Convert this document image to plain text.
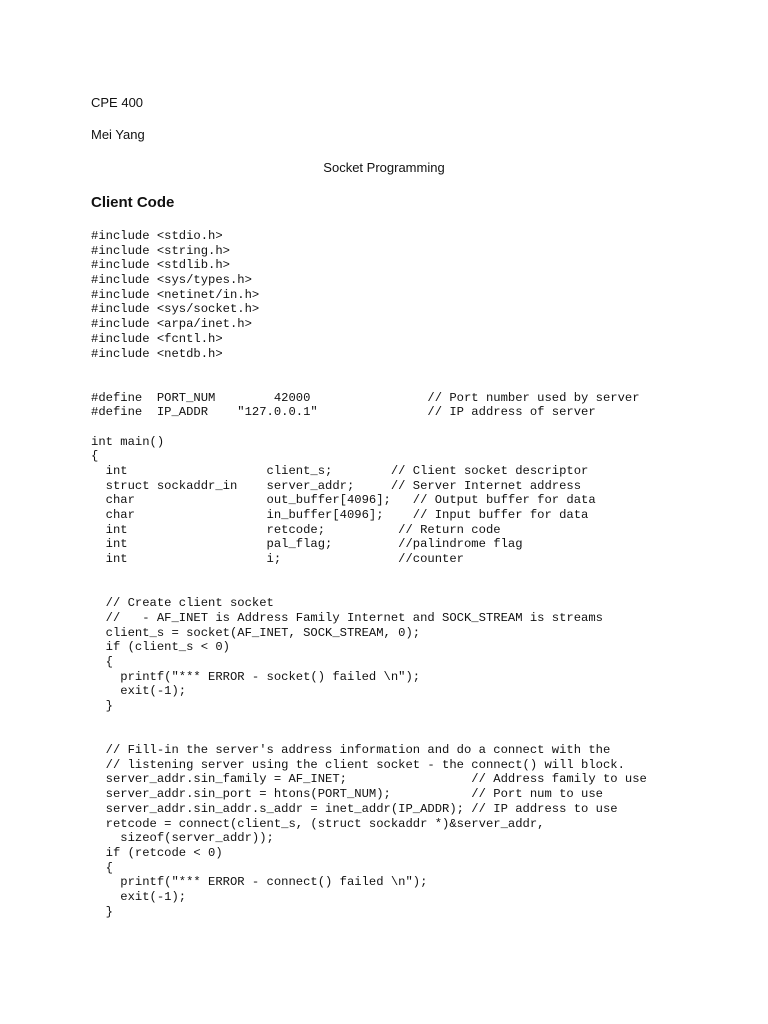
CPE 400
Mei Yang
Socket Programming
Client Code
#include <stdio.h>
#include <string.h>
#include <stdlib.h>
#include <sys/types.h>
#include <netinet/in.h>
#include <sys/socket.h>
#include <arpa/inet.h>
#include <fcntl.h>
#include <netdb.h>
#define  PORT_NUM        42000                // Port number used by server
#define  IP_ADDR    "127.0.0.1"               // IP address of server
int main()
{
int                   client_s;        // Client socket descriptor
struct sockaddr_in    server_addr;     // Server Internet address
char                  out_buffer[4096];   // Output buffer for data
char                  in_buffer[4096];    // Input buffer for data
int                   retcode;          // Return code
int                   pal_flag;         //palindrome flag
int                   i;                //counter
// Create client socket
//   - AF_INET is Address Family Internet and SOCK_STREAM is streams
client_s = socket(AF_INET, SOCK_STREAM, 0);
if (client_s < 0)
{
printf("*** ERROR - socket() failed \n");
exit(-1);
}
// Fill-in the server's address information and do a connect with the
// listening server using the client socket - the connect() will block.
server_addr.sin_family = AF_INET;                 // Address family to use
server_addr.sin_port = htons(PORT_NUM);           // Port num to use
server_addr.sin_addr.s_addr = inet_addr(IP_ADDR); // IP address to use
retcode = connect(client_s, (struct sockaddr *)&server_addr,
sizeof(server_addr));
if (retcode < 0)
{
printf("*** ERROR - connect() failed \n");
exit(-1);
}
